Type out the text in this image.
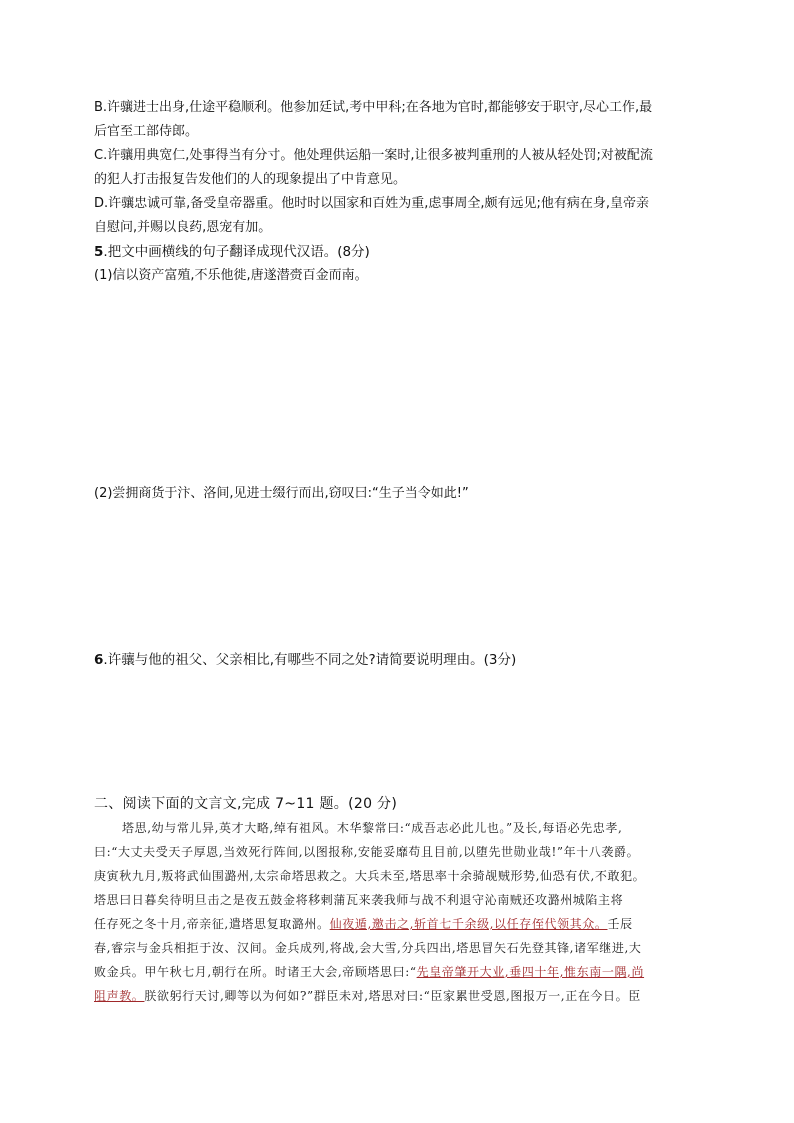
B.许骧进士出身,仕途平稳顺利。他参加廷试,考中甲科;在各地为官时,都能够安于职守,尽心工作,最
后官至工部侍郎。
C.许骧用典宽仁,处事得当有分寸。他处理供运船一案时,让很多被判重刑的人被从轻处罚;对被配流
的犯人打击报复告发他们的人的现象提出了中肯意见。
D.许骧忠诚可靠,备受皇帝器重。他时时以国家和百姓为重,虑事周全,颇有远见;他有病在身,皇帝亲
自慰问,并赐以良药,恩宠有加。
5.把文中画横线的句子翻译成现代汉语。(8分)
(1)信以资产富殖,不乐他徙,唐遂潜赍百金而南。
(2)尝拥商货于汴、洛间,见进士缀行而出,窃叹曰:“生子当令如此!”
6.许骧与他的祖父、父亲相比,有哪些不同之处?请简要说明理由。(3分)
二、阅读下面的文言文,完成 7~11 题。(20 分)
塔思,幼与常儿异,英才大略,绰有祖风。木华黎常曰:“成吾志必此儿也。”及长,每语必先忠孝,
曰:“大丈夫受天子厚恩,当效死行阵间,以图报称,安能妥靡苟且目前,以堕先世勋业哉!”年十八袭爵。
庚寅秋九月,叛将武仙围潞州,太宗命塔思救之。大兵未至,塔思率十余骑觇贼形势,仙恐有伏,不敢犯。
塔思曰日暮矣待明旦击之是夜五鼓金将移剌蒲瓦来袭我师与战不利退守沁南贼还攻潞州城陷主将
任存死之冬十月,帝亲征,遣塔思复取潞州。仙夜遁,邀击之,斩首七千余级,以任存侄代领其众。壬辰
春,睿宗与金兵相拒于汝、汉间。金兵成列,将战,会大雪,分兵四出,塔思冒矢石先登其锋,诸军继进,大
败金兵。甲午秋七月,朝行在所。时诸王大会,帝顾塔思曰:“先皇帝肇开大业,垂四十年,惟东南一隅,尚
阻声教。朕欲躬行天讨,卿等以为何如?”群臣未对,塔思对曰:“臣家累世受恩,图报万一,正在今日。臣
